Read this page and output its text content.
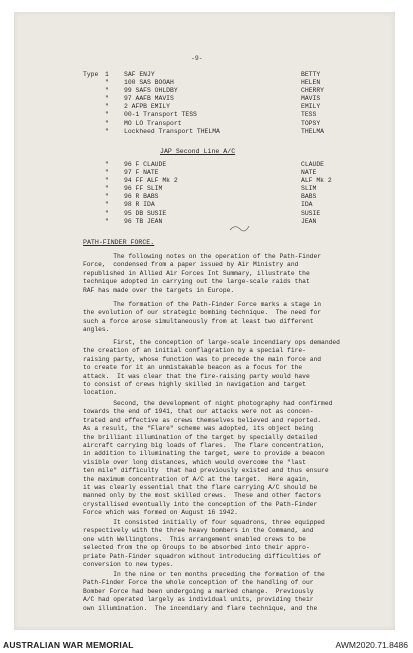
-9-
Type	1	SAF ENJY	BETTY
"	100 SAS BOOAH	HELEN
"	99 SAFS OHLDBY	CHERRY
"	97 AAFB MAVIS	MAVIS
"	2 AFPB EMILY	EMILY
"	00-1 Transport TESS	TESS
"	MO LO Transport	TOPSY
"	Lockheed Transport THELMA	THELMA
JAP Second Line A/C
"	96 F CLAUDE	CLAUDE
"	97 F NATE	NATE
"	94 FF ALF Mk 2	ALF Mk 2
"	96 FF SLIM	SLIM
"	96 R BABS	BABS
"	98 R IDA	IDA
"	95 DB SUSIE	SUSIE
"	96 TB JEAN	JEAN
PATH-FINDER FORCE.
The following notes on the operation of the Path-Finder
Force,  condensed from a paper issued by Air Ministry and
republished in Allied Air Forces Int Summary, illustrate the
technique adopted in carrying out the large-scale raids that
RAF has made over the targets in Europe.
The formation of the Path-Finder Force marks a stage in
the evolution of our strategic bombing technique.  The need for
such a force arose simultaneously from at least two different
angles.
First, the conception of large-scale incendiary ops demanded
the creation of an initial conflagration by a special fire-
raising party, whose function was to precede the main force and
to create for it an unmistakable beacon as a focus for the
attack.  It was clear that the fire-raising party would have
to consist of crews highly skilled in navigation and target
location.
Second, the development of night photography had confirmed
towards the end of 1941, that our attacks were not as concen-
trated and effective as crews themselves believed and reported.
As a result, the "Flare" scheme was adopted, its object being
the brilliant illumination of the target by specially detailed
aircraft carrying big loads of flares.  The flare concentration,
in addition to illuminating the target, were to provide a beacon
visible over long distances, which would overcome the "last
ten mile" difficulty  that had previously existed and thus ensure
the maximum concentration of A/C at the target.  Here again,
it was clearly essential that the flare carrying A/C should be
manned only by the most skilled crews.  These and other factors
crystallised eventually into the conception of the Path-Finder
Force which was formed on August 16 1942.
It consisted initially of four squadrons, three equipped
respectively with the three heavy bombers in the Command, and
one with Wellingtons.  This arrangement enabled crews to be
selected from the op Groups to be absorbed into their appro-
priate Path-Finder squadron without introducing difficulties of
conversion to new types.
In the nine or ten months preceding the formation of the
Path-Finder Force the whole conception of the handling of our
Bomber Force had been undergoing a marked change.  Previously
A/C had operated largely as individual units, providing their
own illumination.  The incendiary and flare technique, and the
AUSTRALIAN WAR MEMORIAL	AWM2020.71.8486
